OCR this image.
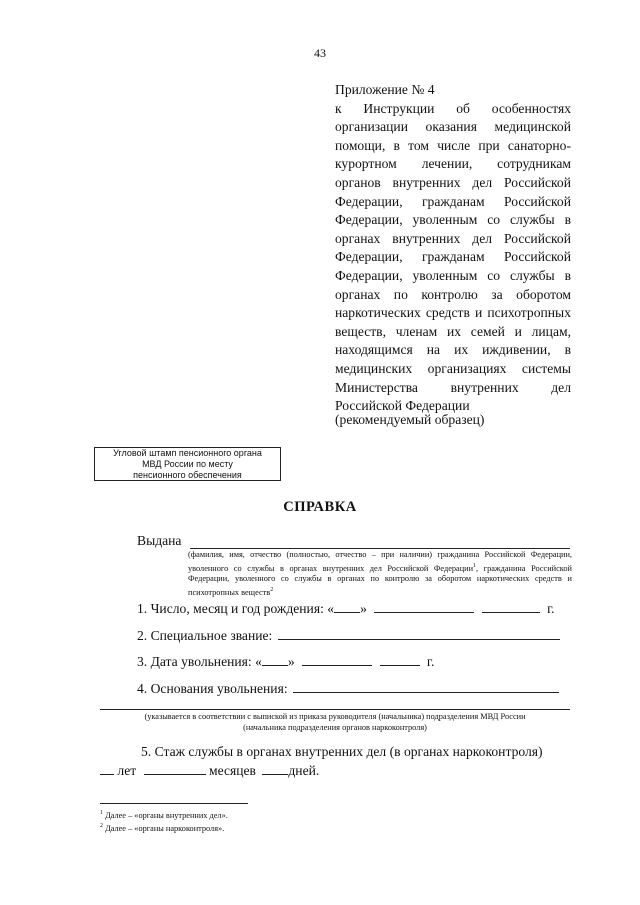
43

Приложение № 4

к Инструкции об особенностях организации оказания медицинской помощи, в том числе при санаторно-курортном лечении, сотрудникам органов внутренних дел Российской Федерации, гражданам Российской Федерации, уволенным со службы в органах внутренних дел Российской Федерации, гражданам Российской Федерации, уволенным со службы в органах по контролю за оборотом наркотических средств и психотропных веществ, членам их семей и лицам, находящимся на их иждивении, в медицинских организациях системы Министерства внутренних дел Российской Федерации

(рекомендуемый образец)
Угловой штамп пенсионного органа
МВД России по месту
пенсионного обеспечения
СПРАВКА
Выдана
(фамилия, имя, отчество (полностью, отчество – при наличии) гражданина Российской Федерации, уволенного со службы в органах внутренних дел Российской Федерации$^1$, гражданина Российской Федерации, уволенного со службы в органах по контролю за оборотом наркотических средств и психотропных веществ$^2$
1. Число, месяц и год рождения: « »	г.
2. Специальное звание:
3. Дата увольнения: « »	г.
4. Основания увольнения:
(указывается в соответствии с выпиской из приказа руководителя (начальника) подразделения МВД России
(начальника подразделения органов наркоконтроля)

5. Стаж службы в органах внутренних дел (в органах наркоконтроля)

лет	месяцев дней.
$^1$ Далее – «органы внутренних дел».
$^2$ Далее – «органы наркоконтроля».
